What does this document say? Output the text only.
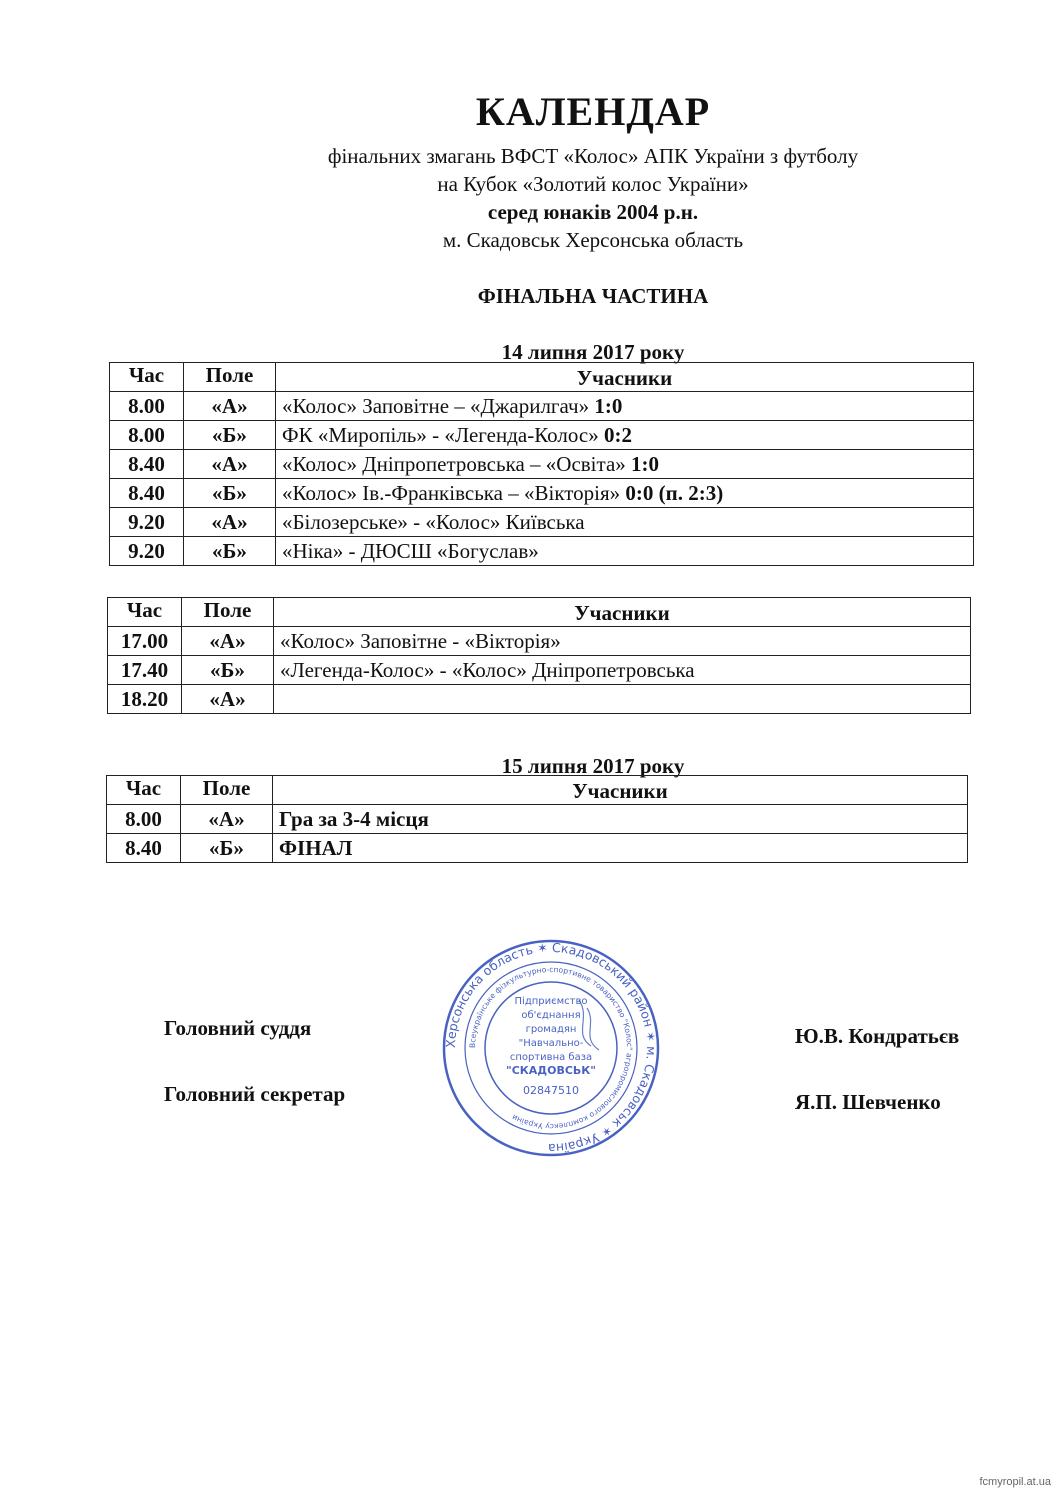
КАЛЕНДАР
фінальних змагань ВФСТ «Колос» АПК України з футболу
на Кубок «Золотий колос України»
серед юнаків 2004 р.н.
м. Скадовськ Херсонська область
ФІНАЛЬНА ЧАСТИНА
14 липня 2017 року
Час	Поле	Учасники
8.00	«А»	«Колос» Заповітне – «Джарилгач» 1:0
8.00	«Б»	ФК «Миропіль» - «Легенда-Колос» 0:2
8.40	«А»	«Колос» Дніпропетровська – «Освіта» 1:0
8.40	«Б»	«Колос» Ів.-Франківська – «Вікторія» 0:0 (п. 2:3)
9.20	«А»	«Білозерське» - «Колос» Київська
9.20	«Б»	«Ніка» - ДЮСШ «Богуслав»
Час	Поле	Учасники
17.00	«А»	«Колос» Заповітне - «Вікторія»
17.40	«Б»	«Легенда-Колос» - «Колос» Дніпропетровська
18.20	«А»	
15 липня 2017 року
Час	Поле	Учасники
8.00	«А»	Гра за 3-4 місця
8.40	«Б»	ФІНАЛ
Головний суддя	Ю.В. Кондратьєв
Головний секретар	Я.П. Шевченко
Херсонська область ✶ Скадовський район ✶ м. Скадовськ ✶ Україна
Всеукраїнське фізкультурно-спортивне товариство "Колос" агропромислового комплексу України
Підприємство
об'єднання
громадян
"Навчально-
спортивна база
"СКАДОВСЬК"
02847510
fcmyropil.at.ua
